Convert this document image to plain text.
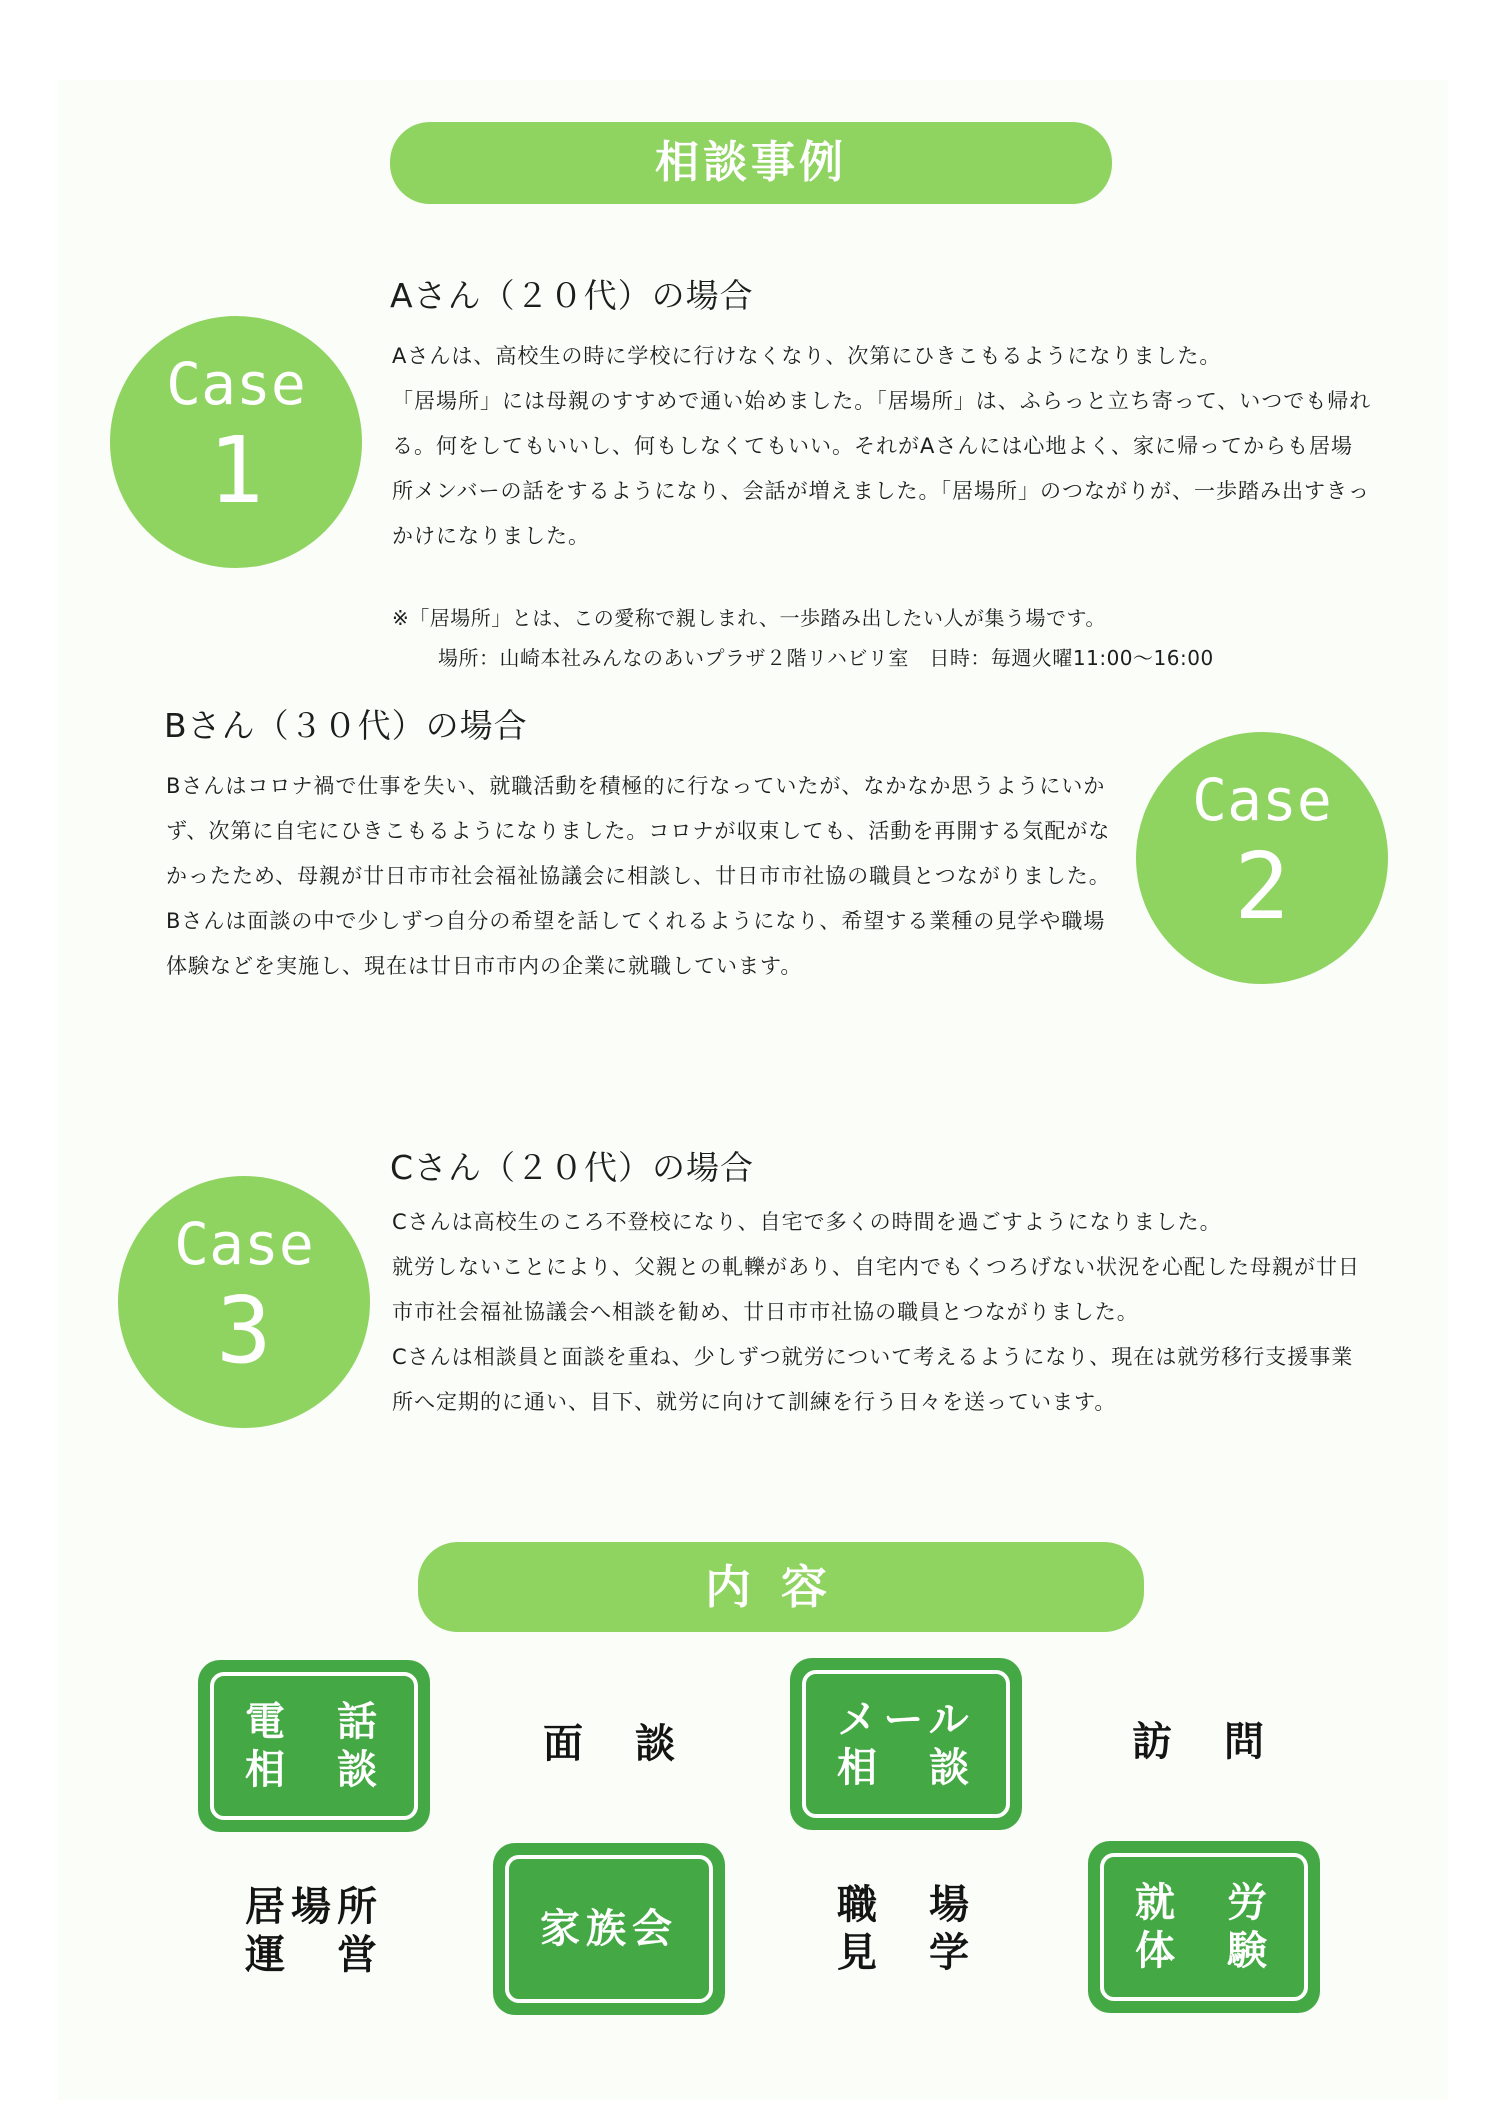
相談事例
Case
1
Aさん（２０代）の場合

Aさんは、高校生の時に学校に行けなくなり、次第にひきこもるようになりました。
「居場所」には母親のすすめで通い始めました。「居場所」は、ふらっと立ち寄って、いつでも帰れる。何をしてもいいし、何もしなくてもいい。それがAさんには心地よく、家に帰ってからも居場所メンバーの話をするようになり、会話が増えました。「居場所」のつながりが、一歩踏み出すきっかけになりました。

※「居場所」とは、この愛称で親しまれ、一歩踏み出したい人が集う場です。
場所：山崎本社みんなのあいプラザ２階リハビリ室　日時：毎週火曜11:00～16:00
Bさん（３０代）の場合

Bさんはコロナ禍で仕事を失い、就職活動を積極的に行なっていたが、なかなか思うようにいかず、次第に自宅にひきこもるようになりました。コロナが収束しても、活動を再開する気配がなかったため、母親が廿日市市社会福祉協議会に相談し、廿日市市社協の職員とつながりました。Bさんは面談の中で少しずつ自分の希望を話してくれるようになり、希望する業種の見学や職場体験などを実施し、現在は廿日市市内の企業に就職しています。

Case
2
Case
3
Cさん（２０代）の場合

Cさんは高校生のころ不登校になり、自宅で多くの時間を過ごすようになりました。
就労しないことにより、父親との軋轢があり、自宅内でもくつろげない状況を心配した母親が廿日市市社会福祉協議会へ相談を勧め、廿日市市社協の職員とつながりました。
Cさんは相談員と面談を重ね、少しずつ就労について考えるようになり、現在は就労移行支援事業所へ定期的に通い、目下、就労に向けて訓練を行う日々を送っています。

内容
電　話
相　談
面　談
メール
相　談
訪　問
居場所
運　営
家族会
職　場
見　学
就　労
体　験
